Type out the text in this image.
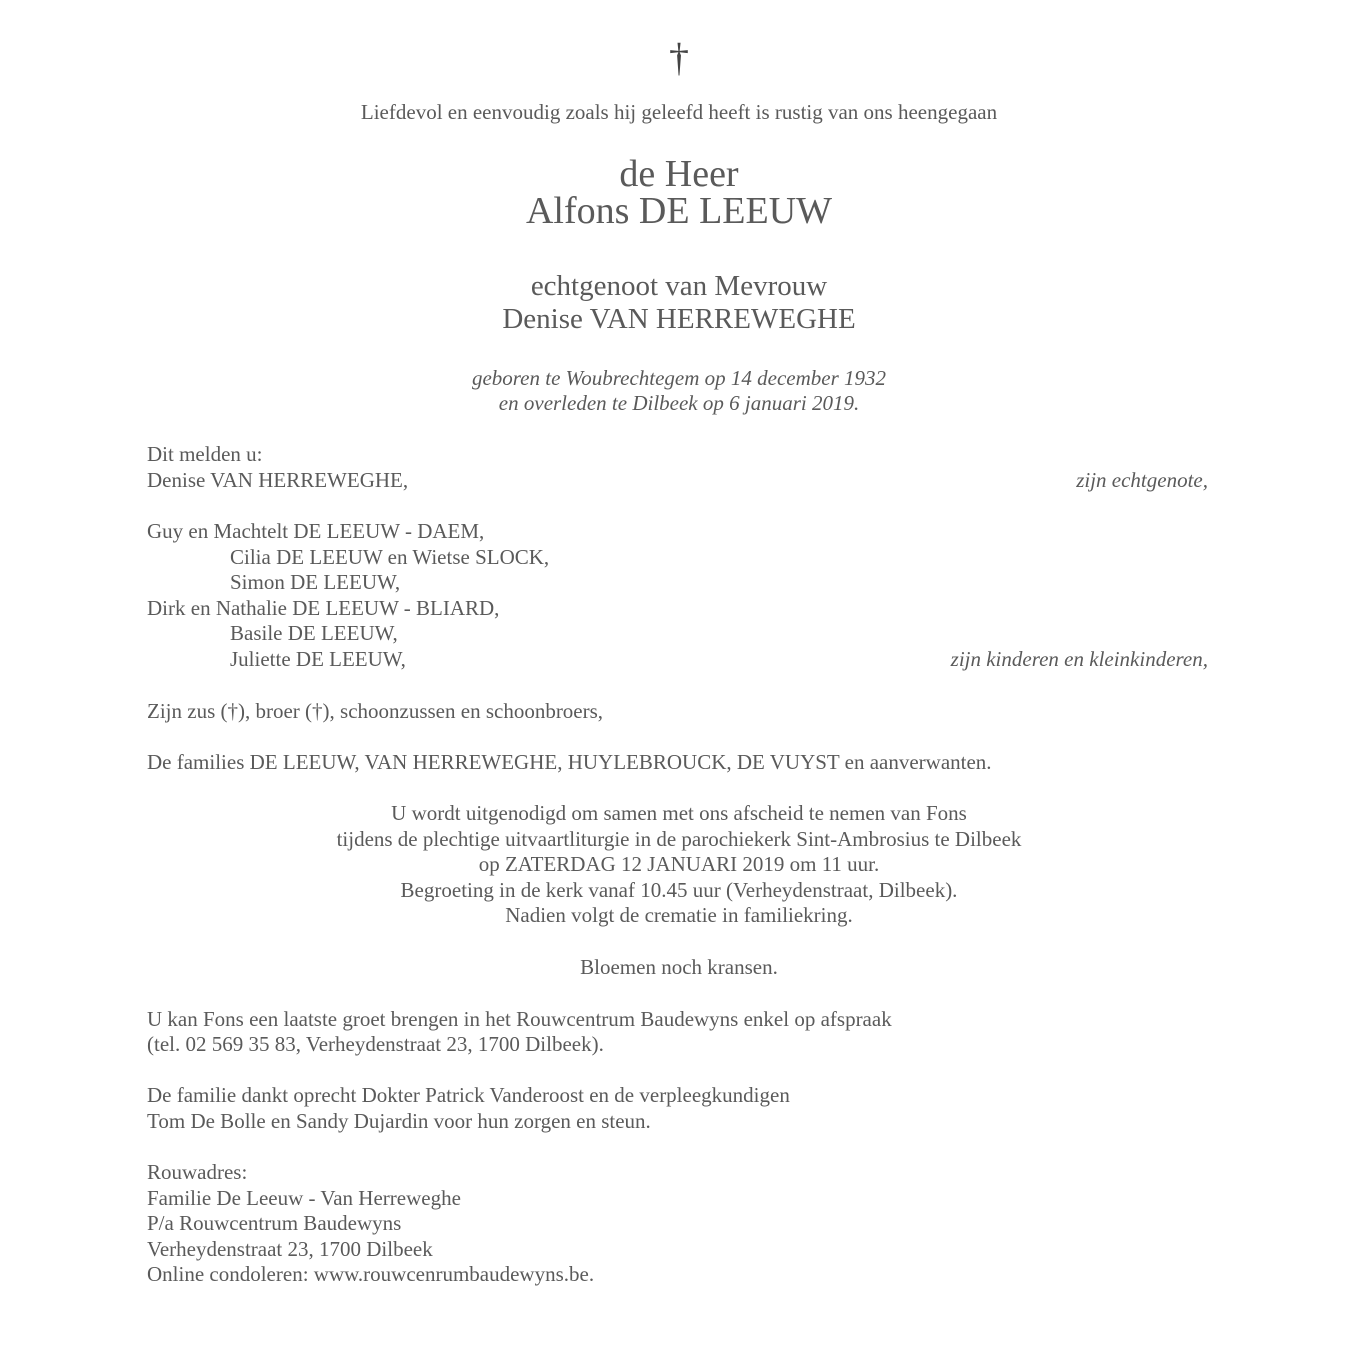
†
Liefdevol en eenvoudig zoals hij geleefd heeft is rustig van ons heengegaan
de Heer
Alfons DE LEEUW
echtgenoot van Mevrouw
Denise VAN HERREWEGHE
geboren te Woubrechtegem op 14 december 1932
en overleden te Dilbeek op 6 januari 2019.
Dit melden u:
Denise VAN HERREWEGHE,	zijn echtgenote,
Guy en Machtelt DE LEEUW - DAEM,
Cilia DE LEEUW en Wietse SLOCK,
Simon DE LEEUW,
Dirk en Nathalie DE LEEUW - BLIARD,
Basile DE LEEUW,
Juliette DE LEEUW,	zijn kinderen en kleinkinderen,
Zijn zus (†), broer (†), schoonzussen en schoonbroers,
De families DE LEEUW, VAN HERREWEGHE, HUYLEBROUCK, DE VUYST en aanverwanten.
U wordt uitgenodigd om samen met ons afscheid te nemen van Fons
tijdens de plechtige uitvaartliturgie in de parochiekerk Sint-Ambrosius te Dilbeek
op ZATERDAG 12 JANUARI 2019 om 11 uur.
Begroeting in de kerk vanaf 10.45 uur (Verheydenstraat, Dilbeek).
Nadien volgt de crematie in familiekring.
Bloemen noch kransen.
U kan Fons een laatste groet brengen in het Rouwcentrum Baudewyns enkel op afspraak
(tel. 02 569 35 83, Verheydenstraat 23, 1700 Dilbeek).
De familie dankt oprecht Dokter Patrick Vanderoost en de verpleegkundigen
Tom De Bolle en Sandy Dujardin voor hun zorgen en steun.
Rouwadres:
Familie De Leeuw - Van Herreweghe
P/a Rouwcentrum Baudewyns
Verheydenstraat 23, 1700 Dilbeek
Online condoleren: www.rouwcenrumbaudewyns.be.
